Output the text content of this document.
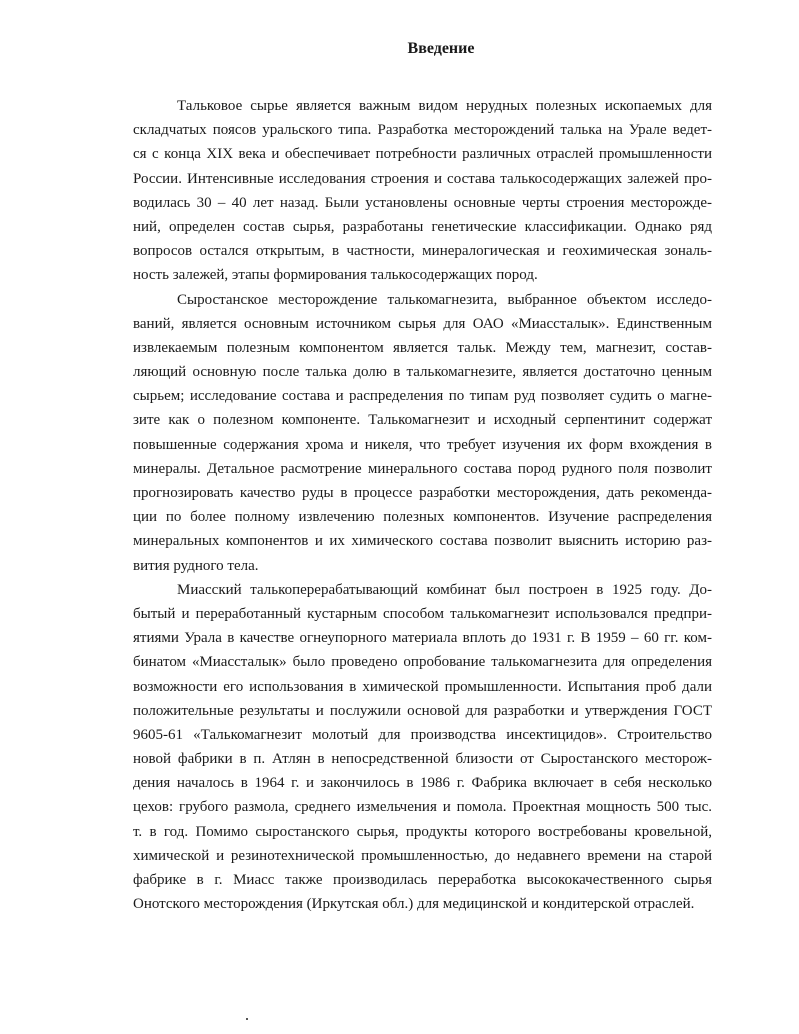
Введение
Тальковое сырье является важным видом нерудных полезных ископаемых для
складчатых поясов уральского типа. Разработка месторождений талька на Урале ведет-
ся с конца XIX века и обеспечивает потребности различных отраслей промышленности
России. Интенсивные исследования строения и состава талькосодержащих залежей про-
водилась 30 – 40 лет назад. Были установлены основные черты строения месторожде-
ний, определен состав сырья, разработаны генетические классификации. Однако ряд
вопросов остался открытым, в частности, минералогическая и геохимическая зональ-
ность залежей, этапы формирования талькосодержащих пород.
Сыростанское месторождение талькомагнезита, выбранное объектом исследо-
ваний, является основным источником сырья для ОАО «Миассталык». Единственным
извлекаемым полезным компонентом является тальк. Между тем, магнезит, состав-
ляющий основную после талька долю в талькомагнезите, является достаточно ценным
сырьем; исследование состава и распределения по типам руд позволяет судить о магне-
зите как о полезном компоненте. Талькомагнезит и исходный серпентинит содержат
повышенные содержания хрома и никеля, что требует изучения их форм вхождения в
минералы. Детальное расмотрение минерального состава пород рудного поля позволит
прогнозировать качество руды в процессе разработки месторождения, дать рекоменда-
ции по более полному извлечению полезных компонентов. Изучение распределения
минеральных компонентов и их химического состава позволит выяснить историю раз-
вития рудного тела.
Миасский талькоперерабатывающий комбинат был построен в 1925 году. До-
бытый и переработанный кустарным способом талькомагнезит использовался предпри-
ятиями Урала в качестве огнеупорного материала вплоть до 1931 г. В 1959 – 60 гг. ком-
бинатом «Миассталык» было проведено опробование талькомагнезита для определения
возможности его использования в химической промышленности. Испытания проб дали
положительные результаты и послужили основой для разработки и утверждения ГОСТ
9605-61 «Талькомагнезит молотый для производства инсектицидов». Строительство
новой фабрики в п. Атлян в непосредственной близости от Сыростанского месторож-
дения началось в 1964 г. и закончилось в 1986 г. Фабрика включает в себя несколько
цехов: грубого размола, среднего измельчения и помола. Проектная мощность 500 тыс.
т. в год. Помимо сыростанского сырья, продукты которого востребованы кровельной,
химической и резинотехнической промышленностью, до недавнего времени на старой
фабрике в г. Миасс также производилась переработка высококачественного сырья
Онотского месторождения (Иркутская обл.) для медицинской и кондитерской отраслей.
